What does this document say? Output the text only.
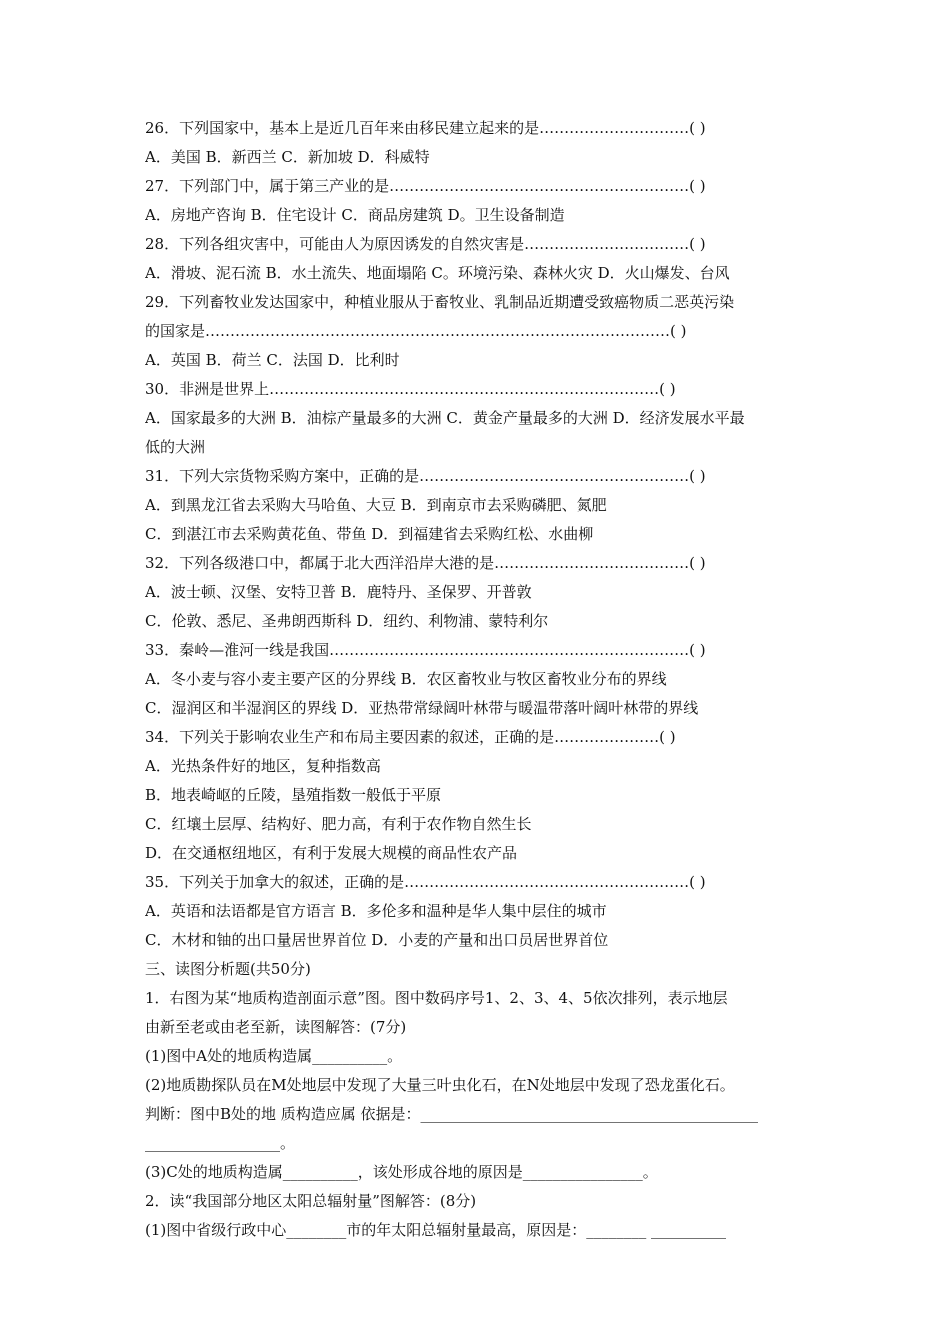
26．下列国家中，基本上是近几百年来由移民建立起来的是…………………………( )
A．美国 B．新西兰 C．新加坡 D．科威特
27．下列部门中，属于第三产业的是……………………………………………………( )
A．房地产咨询 B．住宅设计 C．商品房建筑 D。卫生设备制造
28．下列各组灾害中，可能由人为原因诱发的自然灾害是……………………………( )
A．滑坡、泥石流 B．水土流失、地面塌陷 C。环境污染、森林火灾 D．火山爆发、台风
29．下列畜牧业发达国家中，种植业服从于畜牧业、乳制品近期遭受致癌物质二恶英污染
的国家是…………………………………………………………………………………( )
A．英国 B．荷兰 C．法国 D．比利时
30．非洲是世界上……………………………………………………………………( )
A．国家最多的大洲 B．油棕产量最多的大洲 C．黄金产量最多的大洲 D．经济发展水平最
低的大洲
31．下列大宗货物采购方案中，正确的是………………………………………………( )
A．到黑龙江省去采购大马哈鱼、大豆 B．到南京市去采购磷肥、氮肥
C．到湛江市去采购黄花鱼、带鱼 D．到福建省去采购红松、水曲柳
32．下列各级港口中，都属于北大西洋沿岸大港的是…………………………………( )
A．波士顿、汉堡、安特卫普 B．鹿特丹、圣保罗、开普敦
C．伦敦、悉尼、圣弗朗西斯科 D．纽约、利物浦、蒙特利尔
33．秦岭—淮河一线是我国………………………………………………………………( )
A．冬小麦与容小麦主要产区的分界线 B．农区畜牧业与牧区畜牧业分布的界线
C．湿润区和半湿润区的界线 D．亚热带常绿阔叶林带与暖温带落叶阔叶林带的界线
34．下列关于影响农业生产和布局主要因素的叙述，正确的是…………………( )
A．光热条件好的地区，复种指数高
B．地表崎岖的丘陵，垦殖指数一般低于平原
C．红壤土层厚、结构好、肥力高，有利于农作物自然生长
D．在交通枢纽地区，有利于发展大规模的商品性农产品
35．下列关于加拿大的叙述，正确的是…………………………………………………( )
A．英语和法语都是官方语言 B．多伦多和温种是华人集中层住的城市
C．木材和铀的出口量居世界首位 D．小麦的产量和出口员居世界首位
三、读图分析题(共50分)
1．右图为某“地质构造剖面示意”图。图中数码序号1、2、3、4、5依次排列，表示地层
由新至老或由老至新，读图解答：(7分)
(1)图中A处的地质构造属__________。
(2)地质勘探队员在M处地层中发现了大量三叶虫化石，在N处地层中发现了恐龙蛋化石。
判断：图中B处的地 质构造应属 依据是：_____________________________________________
__________________。
(3)C处的地质构造属__________，该处形成谷地的原因是________________。
2．读“我国部分地区太阳总辐射量”图解答：(8分)
(1)图中省级行政中心________市的年太阳总辐射量最高，原因是：________ __________
